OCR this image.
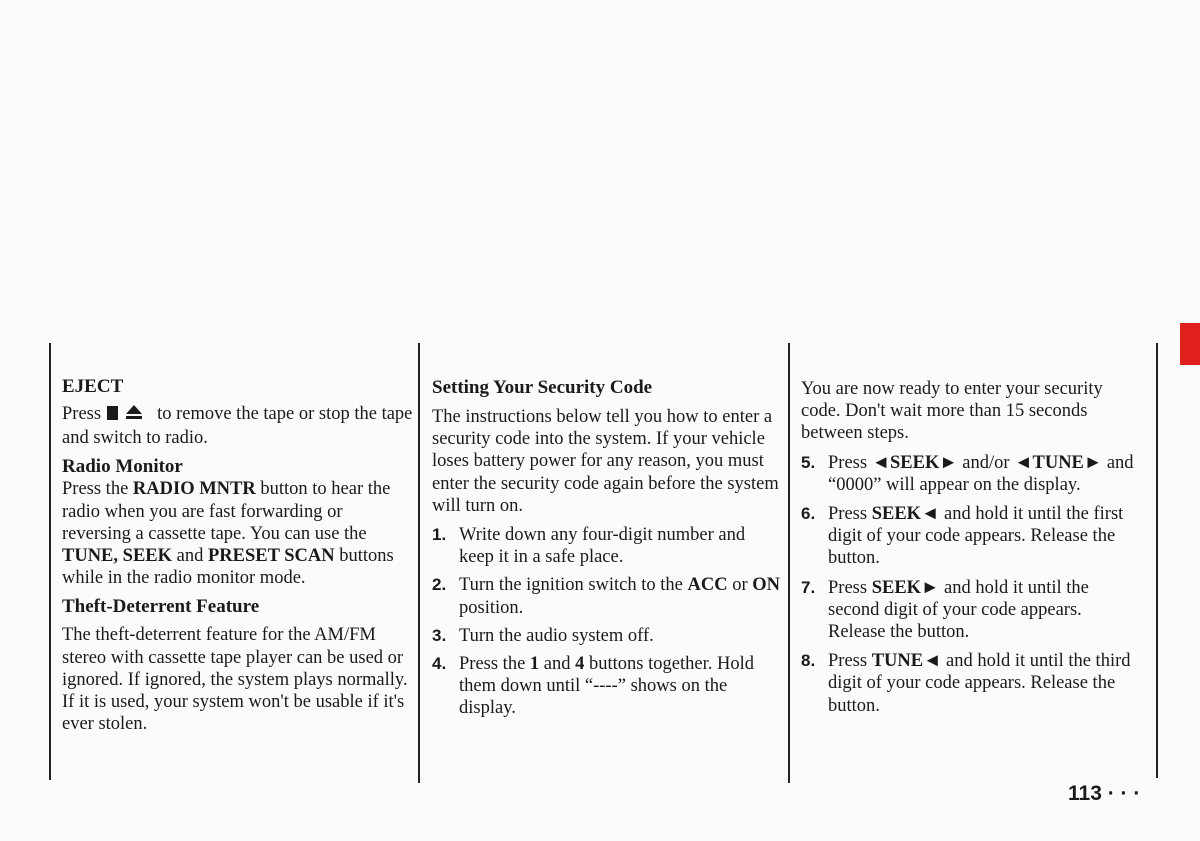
EJECT

Press	to remove the tape or stop the tape and switch to radio.

Radio Monitor

Press the RADIO MNTR button to hear the radio when you are fast forwarding or reversing a cassette tape. You can use the TUNE, SEEK and PRESET SCAN buttons while in the radio monitor mode.

Theft-Deterrent Feature

The theft-deterrent feature for the AM/FM stereo with cassette tape player can be used or ignored. If ignored, the system plays normally. If it is used, your system won't be usable if it's ever stolen.

Setting Your Security Code

The instructions below tell you how to enter a security code into the system. If your vehicle loses battery power for any reason, you must enter the security code again before the system will turn on.

1. Write down any four-digit number and keep it in a safe place.
2. Turn the ignition switch to the ACC or ON position.
3. Turn the audio system off.
4. Press the 1 and 4 buttons together. Hold them down until “----” shows on the display.

You are now ready to enter your security code. Don't wait more than 15 seconds between steps.

5. Press ◄SEEK► and/or ◄TUNE► and “0000” will appear on the display.
6. Press SEEK◄ and hold it until the first digit of your code appears. Release the button.
7. Press SEEK► and hold it until the second digit of your code appears. Release the button.
8. Press TUNE◄ and hold it until the third digit of your code appears. Release the button.
113 · · ·
